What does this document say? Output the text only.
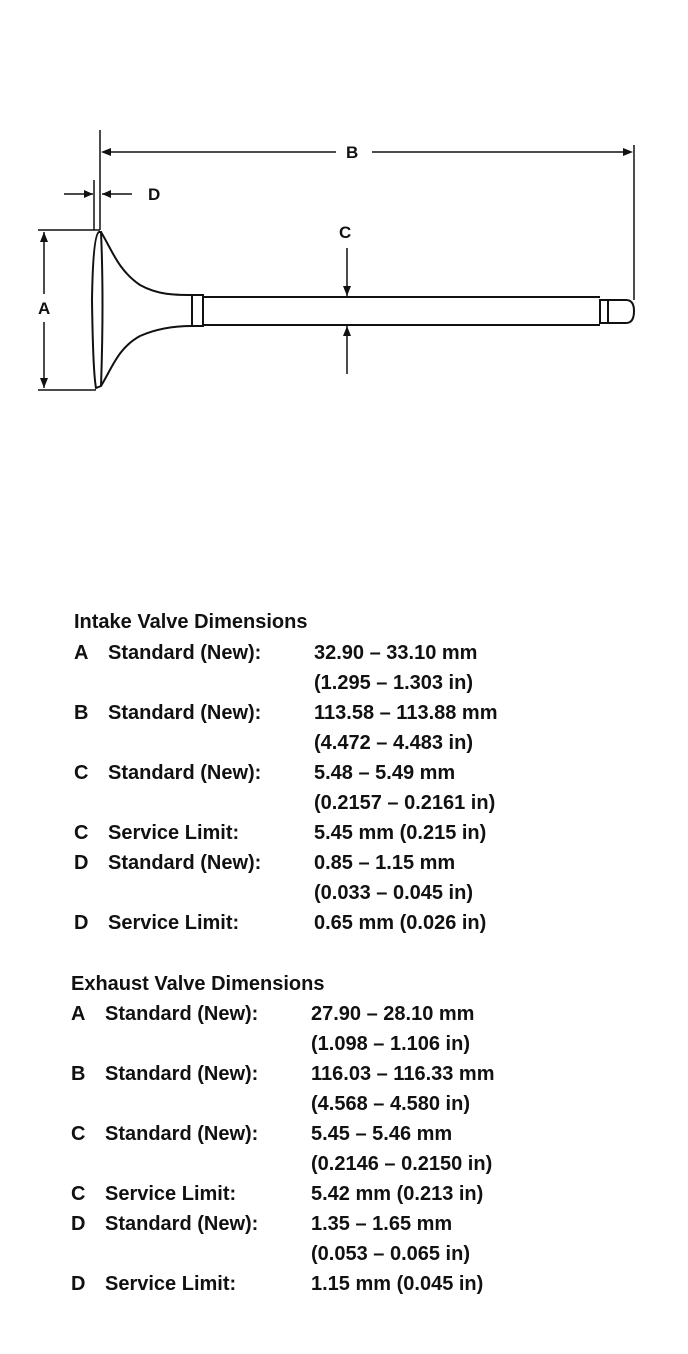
B
D
C
A
Intake Valve Dimensions
A Standard (New):	32.90 – 33.10 mm
(1.295 – 1.303 in)
B Standard (New):	113.58 – 113.88 mm
(4.472 – 4.483 in)
C Standard (New):	5.48 – 5.49 mm
(0.2157 – 0.2161 in)
C Service Limit:	5.45 mm (0.215 in)
D Standard (New):	0.85 – 1.15 mm
(0.033 – 0.045 in)
D Service Limit:	0.65 mm (0.026 in)
Exhaust Valve Dimensions
A Standard (New):	27.90 – 28.10 mm
(1.098 – 1.106 in)
B Standard (New):	116.03 – 116.33 mm
(4.568 – 4.580 in)
C Standard (New):	5.45 – 5.46 mm
(0.2146 – 0.2150 in)
C Service Limit:	5.42 mm (0.213 in)
D Standard (New):	1.35 – 1.65 mm
(0.053 – 0.065 in)
D Service Limit:	1.15 mm (0.045 in)
